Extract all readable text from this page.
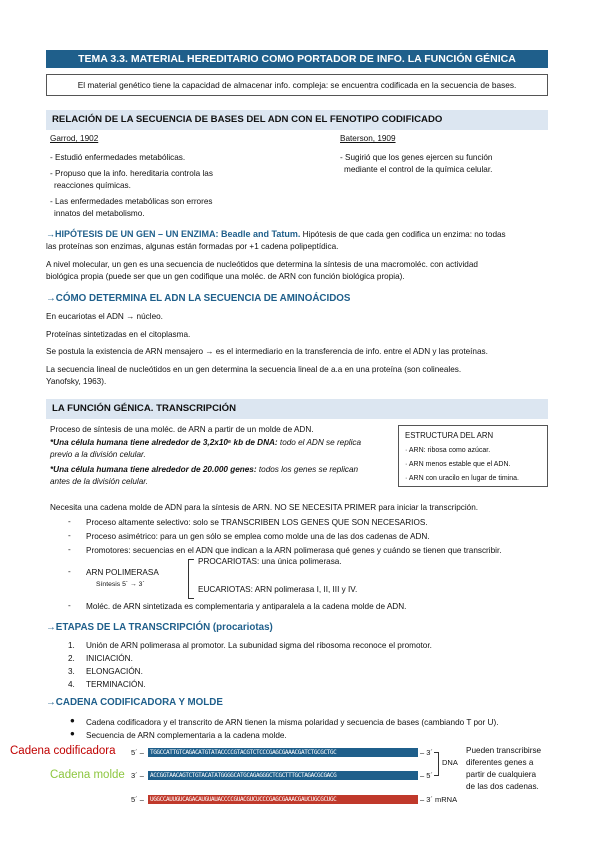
TEMA 3.3. MATERIAL HEREDITARIO COMO PORTADOR DE INFO. LA FUNCIÓN GÉNICA
El material genético tiene la capacidad de almacenar info. compleja: se encuentra codificada en la secuencia de bases.
RELACIÓN DE LA SECUENCIA DE BASES DEL ADN CON EL FENOTIPO CODIFICADO
Garrod, 1902
- Estudió enfermedades metabólicas.
- Propuso que la info. hereditaria controla las
reacciones químicas.
- Las enfermedades metabólicas son errores
innatos del metabolismo.
Baterson, 1909
- Sugirió que los genes ejercen su función
mediante el control de la química celular.
→HIPÓTESIS DE UN GEN – UN ENZIMA: Beadle and Tatum. Hipótesis de que cada gen codifica un enzima: no todas
las proteínas son enzimas, algunas están formadas por +1 cadena polipeptídica.
A nivel molecular, un gen es una secuencia de nucleótidos que determina la síntesis de una macromoléc. con actividad
biológica propia (puede ser que un gen codifique una moléc. de ARN con función biológica propia).
→CÓMO DETERMINA EL ADN LA SECUENCIA DE AMINOÁCIDOS
En eucariotas el ADN → núcleo.
Proteínas sintetizadas en el citoplasma.
Se postula la existencia de ARN mensajero → es el intermediario en la transferencia de info. entre el ADN y las proteínas.
La secuencia lineal de nucleótidos en un gen determina la secuencia lineal de a.a en una proteína (son colineales.
Yanofsky, 1963).
LA FUNCIÓN GÉNICA. TRANSCRIPCIÓN
Proceso de síntesis de una moléc. de ARN a partir de un molde de ADN.
*Una célula humana tiene alrededor de 3,2x10⁶ kb de DNA: todo el ADN se replica
previo a la división celular.
*Una célula humana tiene alrededor de 20.000 genes: todos los genes se replican
antes de la división celular.
ESTRUCTURA DEL ARN
· ARN: ribosa como azúcar.
· ARN menos estable que el ADN.
· ARN con uracilo en lugar de timina.
Necesita una cadena molde de ADN para la síntesis de ARN. NO SE NECESITA PRIMER para iniciar la transcripción.
- Proceso altamente selectivo: solo se TRANSCRIBEN LOS GENES QUE SON NECESARIOS.
- Proceso asimétrico: para un gen sólo se emplea como molde una de las dos cadenas de ADN.
- Promotores: secuencias en el ADN que indican a la ARN polimerasa qué genes y cuándo se tienen que transcribir.
- ARN POLIMERASA
Síntesis 5´ → 3´
PROCARIOTAS: una única polimerasa.
EUCARIOTAS: ARN polimerasa I, II, III y IV.
- Moléc. de ARN sintetizada es complementaria y antiparalela a la cadena molde de ADN.
→ETAPAS DE LA TRANSCRIPCIÓN (procariotas)
1. Unión de ARN polimerasa al promotor. La subunidad sigma del ribosoma reconoce el promotor.
2. INICIACIÓN.
3. ELONGACIÓN.
4. TERMINACIÓN.
→CADENA CODIFICADORA Y MOLDE
● Cadena codificadora y el transcrito de ARN tienen la misma polaridad y secuencia de bases (cambiando T por U).
● Secuencia de ARN complementaria a la cadena molde.
Cadena codificadora
Cadena molde
5´ –	TGGCCATTGTCAGACATGTATACCCCGTACGTCTCCCGAGCGAAACGATCTGCGCTGC	– 3´
3´ –	ACCGGTAACAGTCTGTACATATGGGGCATGCAGAGGGCTCGCTTTGCTAGACGCGACG	– 5´
DNA
5´ –	UGGCCAUUGUCAGACAUGUAUACCCCGUACGUCUCCCGAGCGAAACGAUCUGCGCUGC	– 3´ mRNA
Pueden transcribirse
diferentes genes a
partir de cualquiera
de las dos cadenas.
